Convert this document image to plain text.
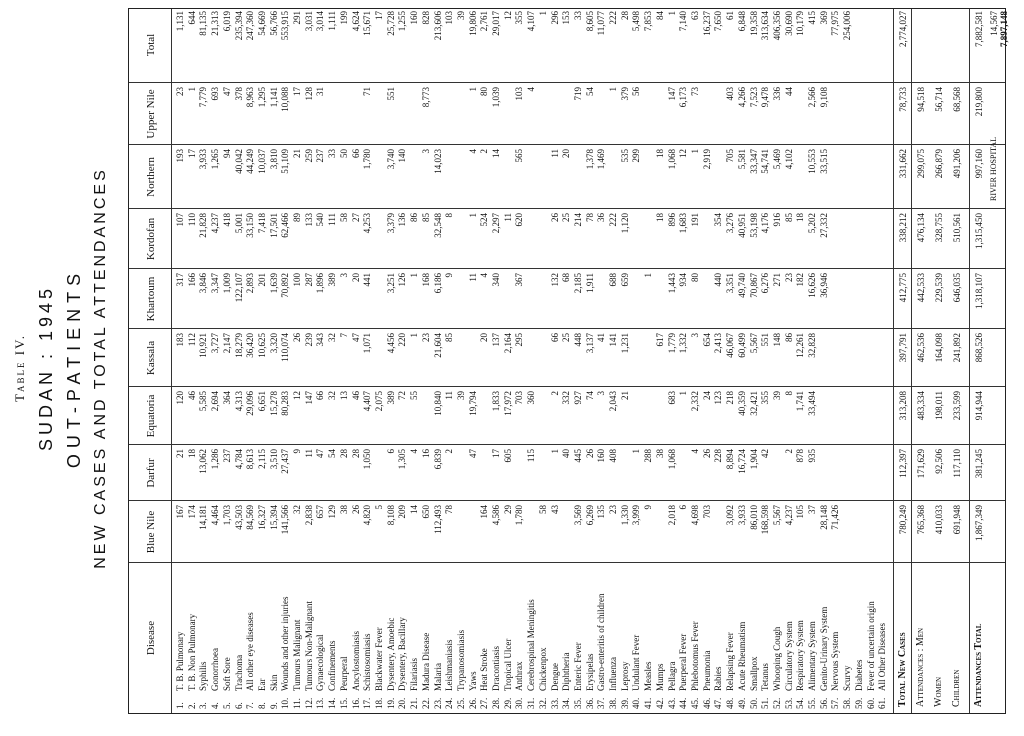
Table IV. SUDAN : 1945 OUT-PATIENTS NEW CASES AND TOTAL ATTENDANCES
Disease
Blue Nile
Darfur
Equatoria
Kassala
Khartoum
Kordofan
Northern
Upper Nile
Total
1.
T. B. Pulmonary
167
21
120
183
317
107
193
23
1,131
2.
T. B. Non Pulmonary
174
18
46
112
166
110
17
1
644
3.
Syphilis
14,181
13,062
5,585
10,921
3,846
21,828
3,933
7,779
81,135
4.
Gonorrhoea
4,464
1,286
2,694
3,727
3,347
4,237
1,265
693
21,313
5.
Soft Sore
1,703
237
364
2,147
1,009
418
94
47
6,019
6.
Trachoma
43,503
4,784
4,313
18,279
122,107
5,001
40,042
378
235,394
7.
All other eye diseases
84,569
8,613
29,096
36,420
2,893
33,150
44,249
8,963
247,360
8.
Ear
16,327
2,115
6,651
10,625
201
7,418
10,037
1,295
54,669
9.
Skin
15,394
3,510
15,278
3,320
1,639
17,501
3,810
1,141
56,766
10.
Wounds and other injuries
141,566
27,437
80,283
110,074
70,892
62,466
51,109
10,088
553,915
11.
Tumours Malignant
32
9
12
26
100
89
21
17
291
12.
Tumours Non-Malignant
2,838
11
147
239
287
133
259
128
3,031
13.
Gynaecological
657
47
66
343
1,896
540
237
31
3,014
14.
Confinements
129
54
32
32
389
111
33
1,111
15.
Peurperal
38
28
13
7
3
58
50
199
16.
Ancylostomiasis
26
28
46
47
20
27
66
4,624
17.
Schistosomiasis
4,820
1,050
4,407
1,071
441
4,253
1,780
71
15,671
18.
Blackwater Fever
5
2,075
17
19.
Dysentery, Amoebic
8,108
6
389
4,456
3,251
3,379
3,740
551
25,728
20.
Dysentery, Bacillary
209
1,305
72
220
126
136
140
1,255
21.
Filariasis
14
4
55
1
1
86
160
22.
Madura Disease
650
16
23
168
85
3
8,773
828
23.
Malaria
112,493
6,839
10,840
21,604
6,186
32,548
14,023
213,606
24.
Leishmaniasis
78
2
11
85
9
8
103
25.
Trypanosomiasis
39
39
26.
Yaws
47
19,794
11
1
4
1
19,806
27.
Heat Stroke
164
20
4
524
2
80
2,761
28.
Dracontiasis
4,586
17
1,833
137
340
2,297
14
1,039
29,017
29.
Tropical Ulcer
29
605
17,972
2,164
11
12
30.
Anthrax
1,780
703
295
367
620
565
103
355
31.
Cerebrospinal Meningitis
115
360
4
4,107
32.
Chickenpox
58
1
33.
Dengue
43
1
2
66
132
26
11
296
34.
Diphtheria
40
332
25
68
25
20
153
35.
Enteric Fever
3,569
445
927
448
2,185
214
719
33
36.
Erysipelas
6,269
26
74
3,137
1,911
78
1,378
54
8,605
37.
Gastro-enteritis of children
135
160
3
41
36
1,469
11,077
38.
Influenza
23
408
2,043
141
688
222
1
222
39.
Leprosy
1,330
21
1,231
659
1,120
535
379
28
40.
Undulant Fever
3,999
1
299
56
5,498
41.
Measles
9
288
1
7,853
42.
Mumps
38
617
18
18
84
43.
Pellagra
2,018
1,068
683
1,779
1,443
896
1,068
147
1
44.
Puerperal Fever
6
1
1,332
934
1,683
12
6,173
7,140
45.
Phlebotomus Fever
4,698
4
2,332
3
80
191
1
73
63
46.
Pneumonia
703
26
24
654
2,919
16,237
47.
Rabies
228
123
2,413
440
354
7,650
48.
Relapsing Fever
3,092
8,894
218
46,067
3,351
3,276
705
403
61
49.
Acute Rheumatism
3,933
16,724
40,359
60,499
49,740
40,951
5,581
4,266
6,848
50.
Smallpox
86,010
1,904
32,421
5,567
70,867
53,198
33,347
7,523
19,358
51.
Tetanus
168,598
42
355
551
6,276
4,176
54,741
9,478
313,634
52.
Whooping Cough
5,567
39
148
271
916
5,469
336
406,356
53.
Circulatory System
4,237
2
8
86
23
85
4,102
44
30,690
54.
Respiratory System
105
878
1,741
12,261
182
18
10,179
55.
Alimentary System
37
935
33,494
32,828
16,626
5,202
10,553
2,566
415
56.
Genito-Urinary System
28,148
36,946
27,332
33,515
9,108
369
57.
Nervous System
71,426
77,975
58.
Scurvy
254,006
59.
Diabetes
60.
Fever of uncertain origin
61.
All Other Diseases Total New Cases
780,249
112,397
313,208
397,791
412,775
338,212
331,662
78,733
2,774,027
Attendances : Men
765,368
171,629
483,334
462,536
442,533
476,134
299,075
94,518
Women
410,033
92,506
198,011
164,098
229,539
328,755
266,879
56,714
Children
691,948
117,110
233,599
241,892
646,035
510,561
491,206
68,568
Attendances Total
1,867,349
381,245
914,944
868,526
1,318,107
1,315,450
997,160
219,800
7,882,581
RIVER HOSPITAL
14,567 7,897,148
